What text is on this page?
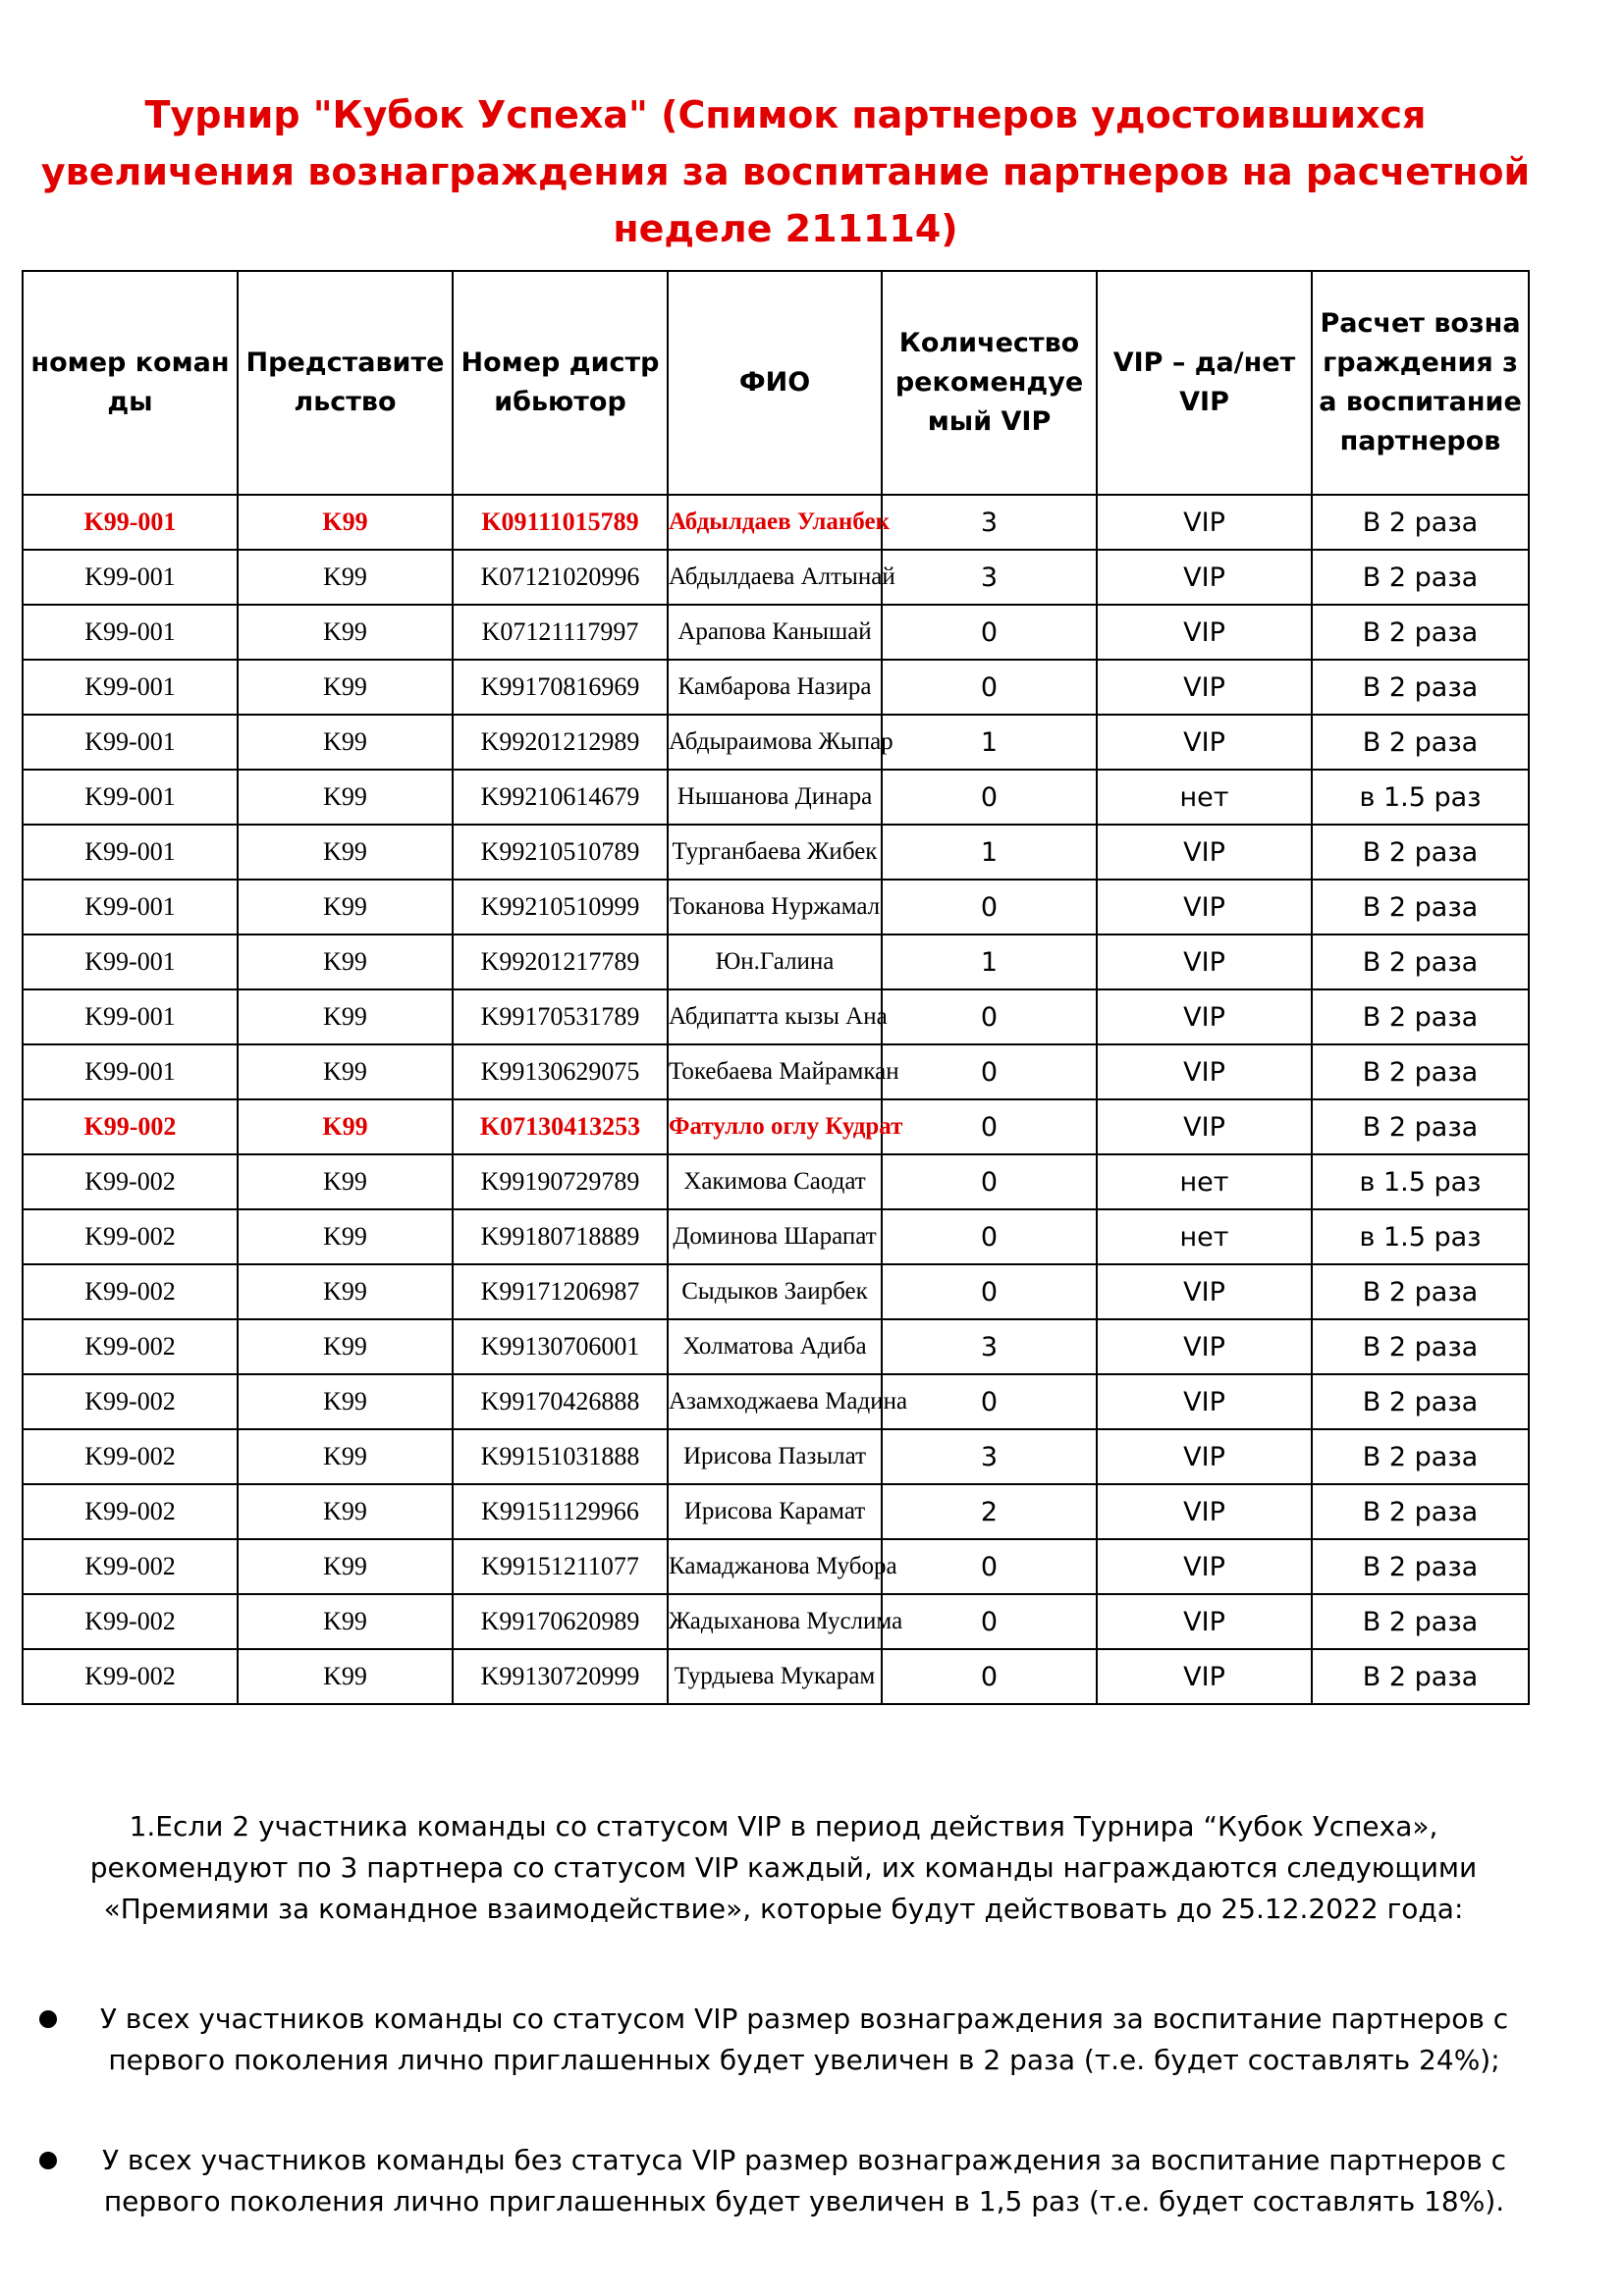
Турнир "Кубок Успеха" (Спимок партнеров удостоившихся увеличения вознаграждения за воспитание партнеров на расчетной неделе 211114)
номер команды	Представительство	Номер дистрибьютор	ФИО	Количество рекомендуемый VIP	VIP – да/нет VIP	Расчет вознаграждения за воспитание партнеров
K99-001	K99	K09111015789	Абдылдаев Уланбек	3	VIP	В 2 раза
K99-001	K99	K07121020996	Абдылдаева Алтынай	3	VIP	В 2 раза
K99-001	K99	K07121117997	Арапова Канышай	0	VIP	В 2 раза
K99-001	K99	K99170816969	Камбарова Назира	0	VIP	В 2 раза
K99-001	K99	K99201212989	Абдыраимова Жыпар	1	VIP	В 2 раза
K99-001	K99	K99210614679	Нышанова Динара	0	нет	в 1.5 раз
K99-001	K99	K99210510789	Турганбаева Жибек	1	VIP	В 2 раза
K99-001	K99	K99210510999	Токанова Нуржамал	0	VIP	В 2 раза
K99-001	K99	K99201217789	Юн.Галина	1	VIP	В 2 раза
K99-001	K99	K99170531789	Абдипатта кызы Ана	0	VIP	В 2 раза
K99-001	K99	K99130629075	Токебаева Майрамкан	0	VIP	В 2 раза
K99-002	K99	K07130413253	Фатулло оглу Кудрат	0	VIP	В 2 раза
K99-002	K99	K99190729789	Хакимова Саодат	0	нет	в 1.5 раз
K99-002	K99	K99180718889	Доминова Шарапат	0	нет	в 1.5 раз
K99-002	K99	K99171206987	Сыдыков Заирбек	0	VIP	В 2 раза
K99-002	K99	K99130706001	Холматова Адиба	3	VIP	В 2 раза
K99-002	K99	K99170426888	Азамходжаева Мадина	0	VIP	В 2 раза
K99-002	K99	K99151031888	Ирисова Пазылат	3	VIP	В 2 раза
K99-002	K99	K99151129966	Ирисова Карамат	2	VIP	В 2 раза
K99-002	K99	K99151211077	Камаджанова Мубора	0	VIP	В 2 раза
K99-002	K99	K99170620989	Жадыханова Муслима	0	VIP	В 2 раза
K99-002	K99	K99130720999	Турдыева Мукарам	0	VIP	В 2 раза
1.Если 2 участника команды со статусом VIP в период действия Турнира “Кубок Успеха», рекомендуют по 3 партнера со статусом VIP каждый, их команды награждаются следующими «Премиями за командное взаимодействие», которые будут действовать до 25.12.2022 года:
У всех участников команды со статусом VIP размер вознаграждения за воспитание партнеров с первого поколения лично приглашенных будет увеличен в 2 раза (т.е. будет составлять 24%);
У всех участников команды без статуса VIP размер вознаграждения за воспитание партнеров с первого поколения лично приглашенных будет увеличен в 1,5 раз (т.е. будет составлять 18%).
